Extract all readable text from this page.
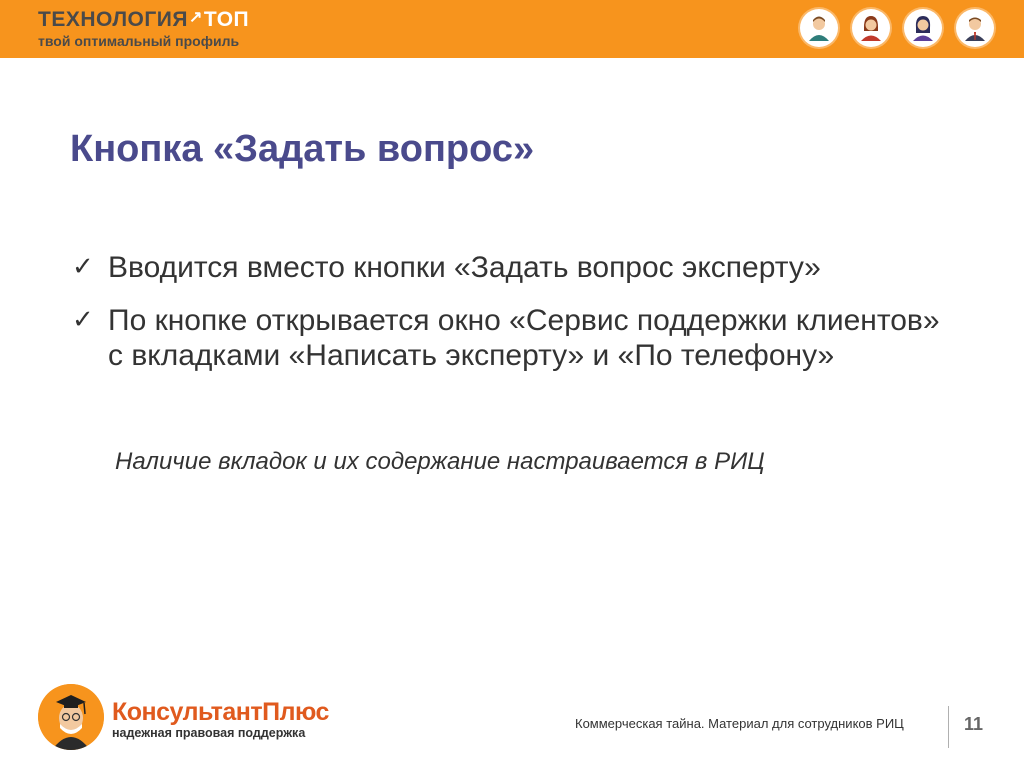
ТЕХНОЛОГИЯ↗ТОП
твой оптимальный профиль
Кнопка «Задать вопрос»
✓ Вводится вместо кнопки «Задать вопрос эксперту»
✓ По кнопке открывается окно «Сервис поддержки клиентов» с вкладками «Написать эксперту» и «По телефону»
Наличие вкладок и их содержание настраивается в РИЦ
КонсультантПлюс
надежная правовая поддержка
Коммерческая тайна. Материал для сотрудников РИЦ	11
